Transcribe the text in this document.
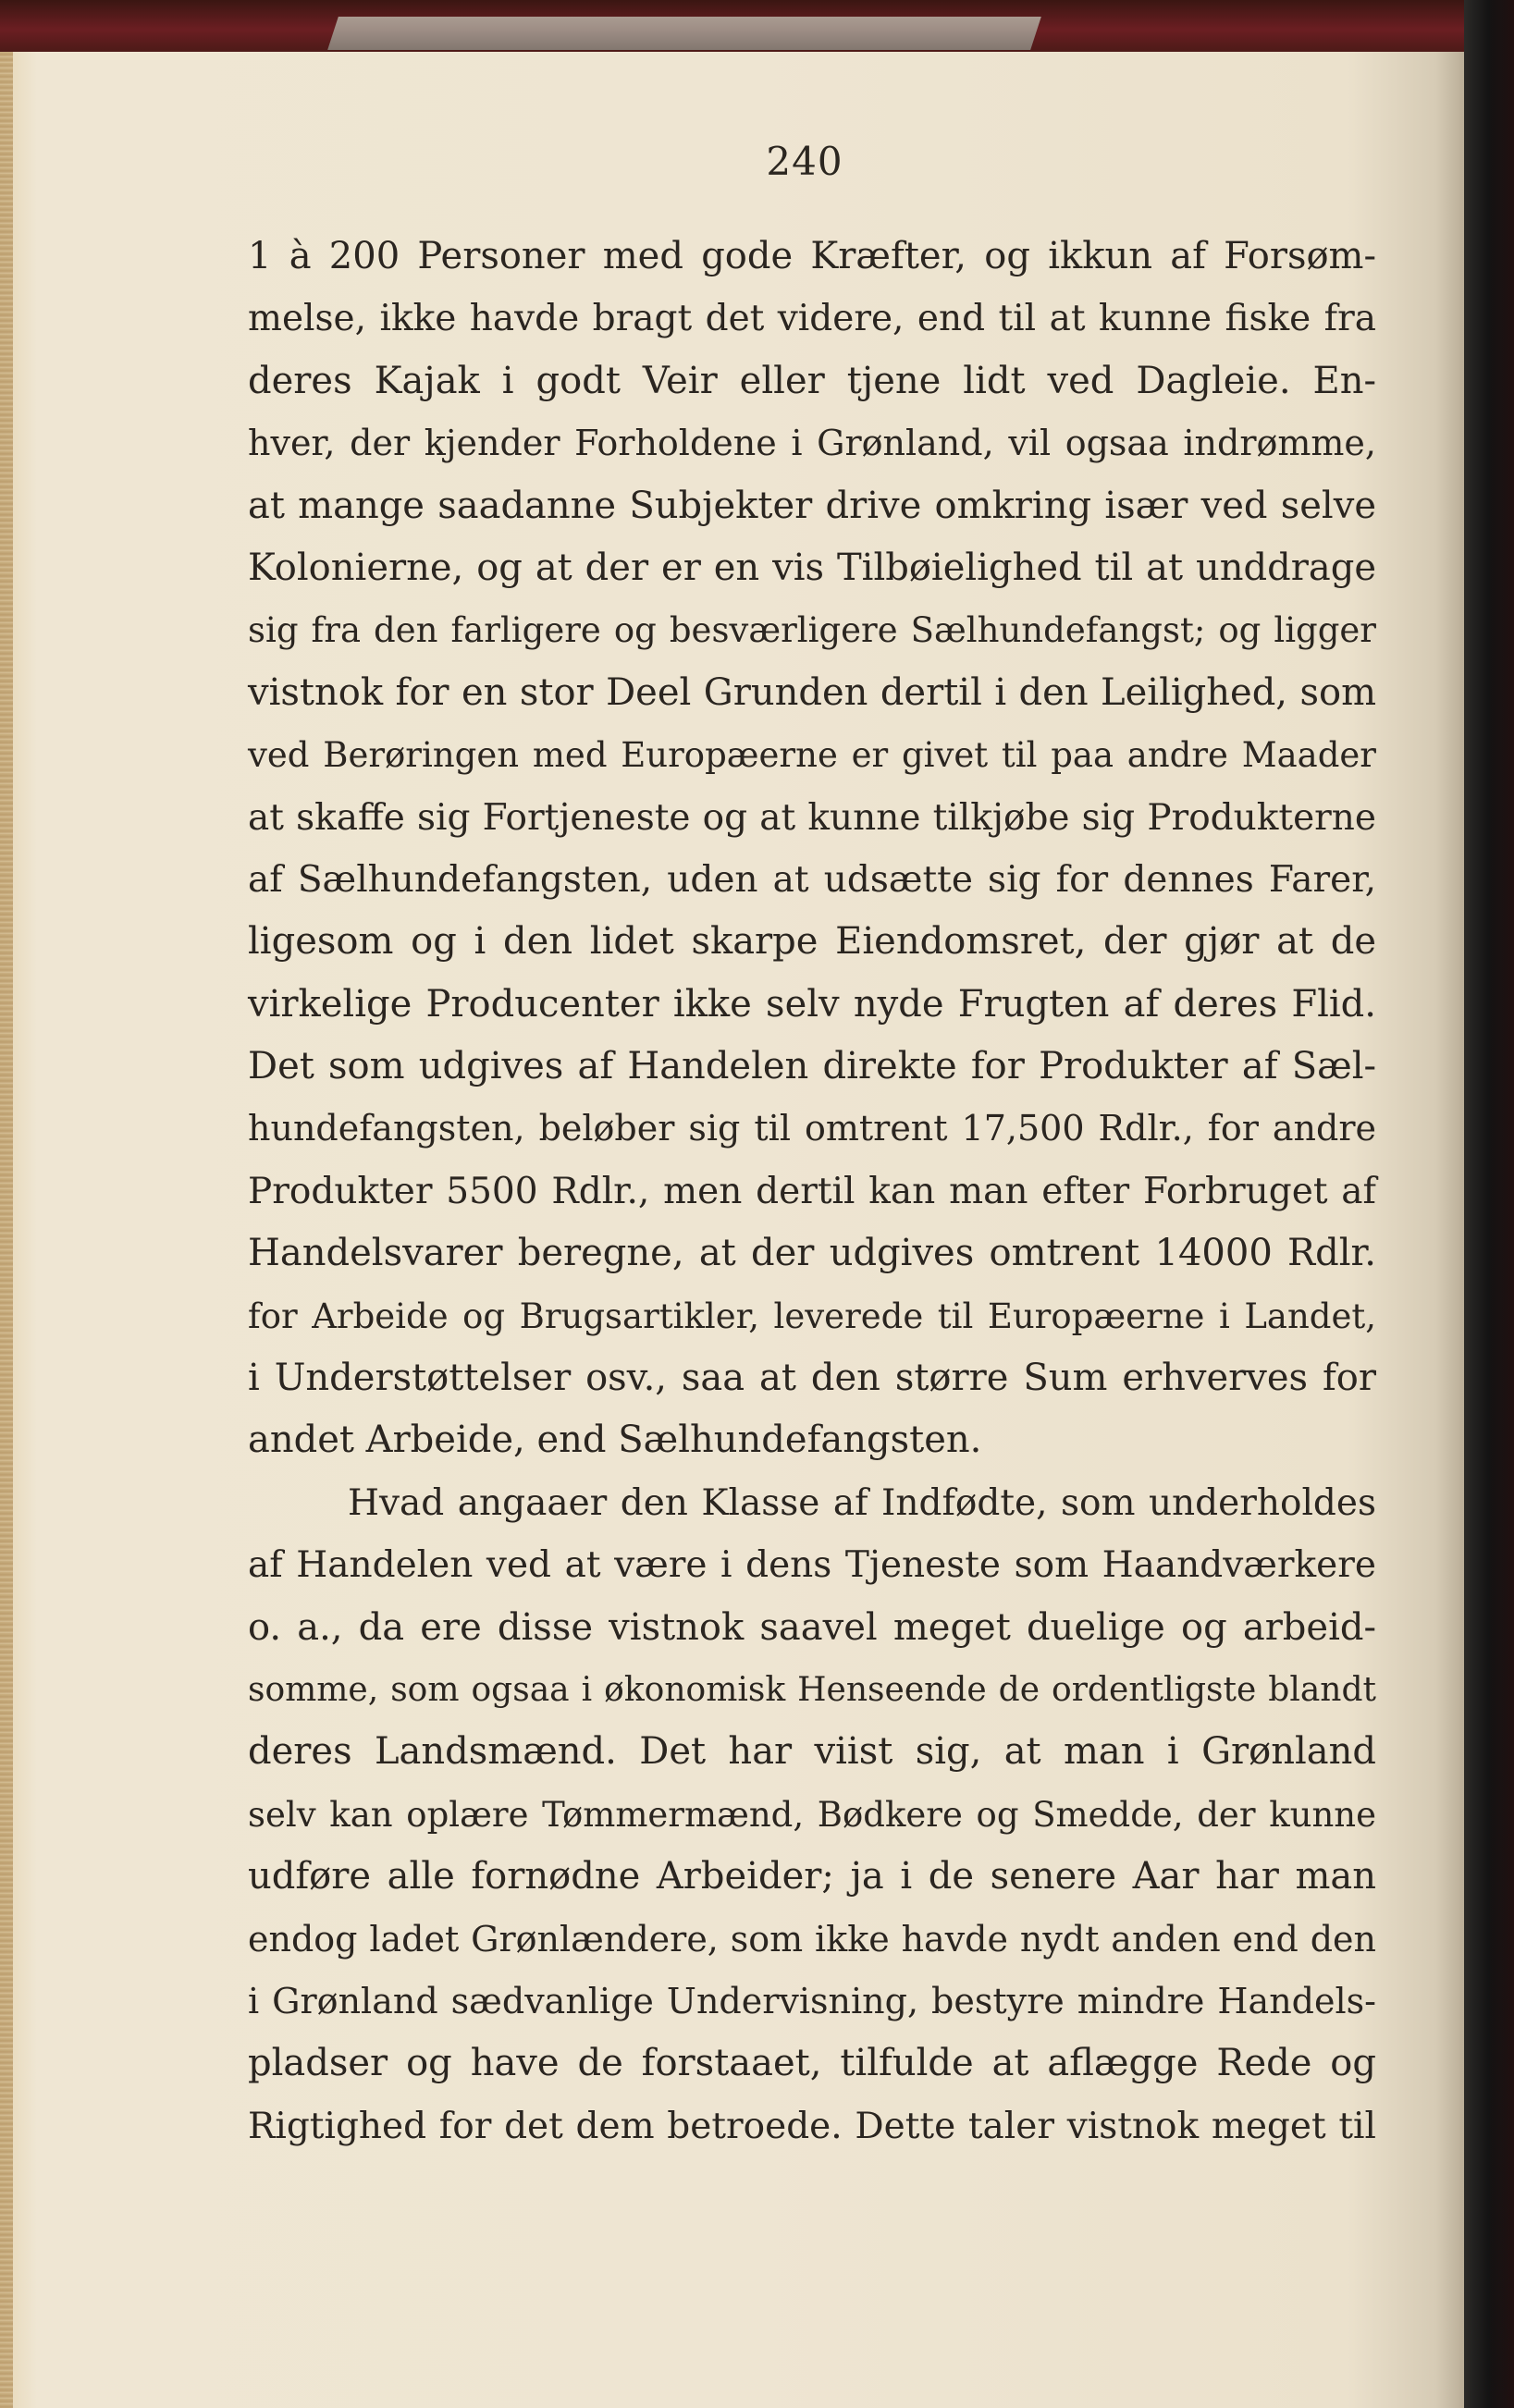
240
1 à 200 Personer med gode Kræfter, og ikkun af Forsøm-
melse, ikke havde bragt det videre, end til at kunne fiske fra
deres Kajak i godt Veir eller tjene lidt ved Dagleie. En-
hver, der kjender Forholdene i Grønland, vil ogsaa indrømme,
at mange saadanne Subjekter drive omkring især ved selve
Kolonierne, og at der er en vis Tilbøielighed til at unddrage
sig fra den farligere og besværligere Sælhundefangst; og ligger
vistnok for en stor Deel Grunden dertil i den Leilighed, som
ved Berøringen med Europæerne er givet til paa andre Maader
at skaffe sig Fortjeneste og at kunne tilkjøbe sig Produkterne
af Sælhundefangsten, uden at udsætte sig for dennes Farer,
ligesom og i den lidet skarpe Eiendomsret, der gjør at de
virkelige Producenter ikke selv nyde Frugten af deres Flid.
Det som udgives af Handelen direkte for Produkter af Sæl-
hundefangsten, beløber sig til omtrent 17,500 Rdlr., for andre
Produkter 5500 Rdlr., men dertil kan man efter Forbruget af
Handelsvarer beregne, at der udgives omtrent 14000 Rdlr.
for Arbeide og Brugsartikler, leverede til Europæerne i Landet,
i Understøttelser osv., saa at den større Sum erhverves for
andet Arbeide, end Sælhundefangsten.
Hvad angaaer den Klasse af Indfødte, som underholdes
af Handelen ved at være i dens Tjeneste som Haandværkere
o. a., da ere disse vistnok saavel meget duelige og arbeid-
somme, som ogsaa i økonomisk Henseende de ordentligste blandt
deres Landsmænd. Det har viist sig, at man i Grønland
selv kan oplære Tømmermænd, Bødkere og Smedde, der kunne
udføre alle fornødne Arbeider; ja i de senere Aar har man
endog ladet Grønlændere, som ikke havde nydt anden end den
i Grønland sædvanlige Undervisning, bestyre mindre Handels-
pladser og have de forstaaet, tilfulde at aflægge Rede og
Rigtighed for det dem betroede. Dette taler vistnok meget til
